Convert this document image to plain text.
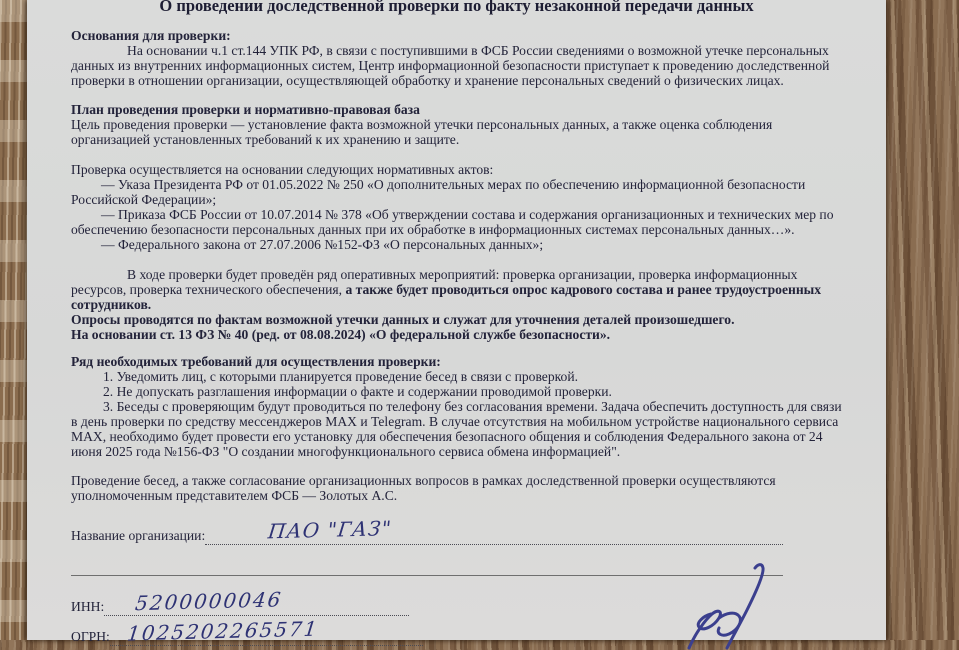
О проведении доследственной проверки по факту незаконной передачи данных

Основания для проверки:

На основании ч.1 ст.144 УПК РФ, в связи с поступившими в ФСБ России сведениями о возможной утечке персональных данных из внутренних информационных систем, Центр информационной безопасности приступает к проведению доследственной проверки в отношении организации, осуществляющей обработку и хранение персональных сведений о физических лицах.

План проведения проверки и нормативно-правовая база

Цель проведения проверки — установление факта возможной утечки персональных данных, а также оценка соблюдения организацией установленных требований к их хранению и защите.

Проверка осуществляется на основании следующих нормативных актов:

— Указа Президента РФ от 01.05.2022 № 250 «О дополнительных мерах по обеспечению информационной безопасности Российской Федерации»;

— Приказа ФСБ России от 10.07.2014 № 378 «Об утверждении состава и содержания организационных и технических мер по обеспечению безопасности персональных данных при их обработке в информационных системах персональных данных…».

— Федерального закона от 27.07.2006 №152-ФЗ «О персональных данных»;

В ходе проверки будет проведён ряд оперативных мероприятий: проверка организации, проверка информационных ресурсов, проверка технического обеспечения, а также будет проводиться опрос кадрового состава и ранее трудоустроенных сотрудников.

Опросы проводятся по фактам возможной утечки данных и служат для уточнения деталей произошедшего.

На основании ст. 13 ФЗ № 40 (ред. от 08.08.2024) «О федеральной службе безопасности».

Ряд необходимых требований для осуществления проверки:

1. Уведомить лиц, с которыми планируется проведение бесед в связи с проверкой.

2. Не допускать разглашения информации о факте и содержании проводимой проверки.

3. Беседы с проверяющим будут проводиться по телефону без согласования времени. Задача обеспечить доступность для связи в день проверки по средству мессенджеров MAX и Telegram. В случае отсутствия на мобильном устройстве национального сервиса MAX, необходимо будет провести его установку для обеспечения безопасного общения и соблюдения Федерального закона от 24 июня 2025 года №156-ФЗ "О создании многофункционального сервиса обмена информацией".

Проведение бесед, а также согласование организационных вопросов в рамках доследственной проверки осуществляются уполномоченным представителем ФСБ — Золотых А.С.

Название организации:	ПАО "ГАЗ"
ИНН:	5200000046
ОГРН: 1025202265571
